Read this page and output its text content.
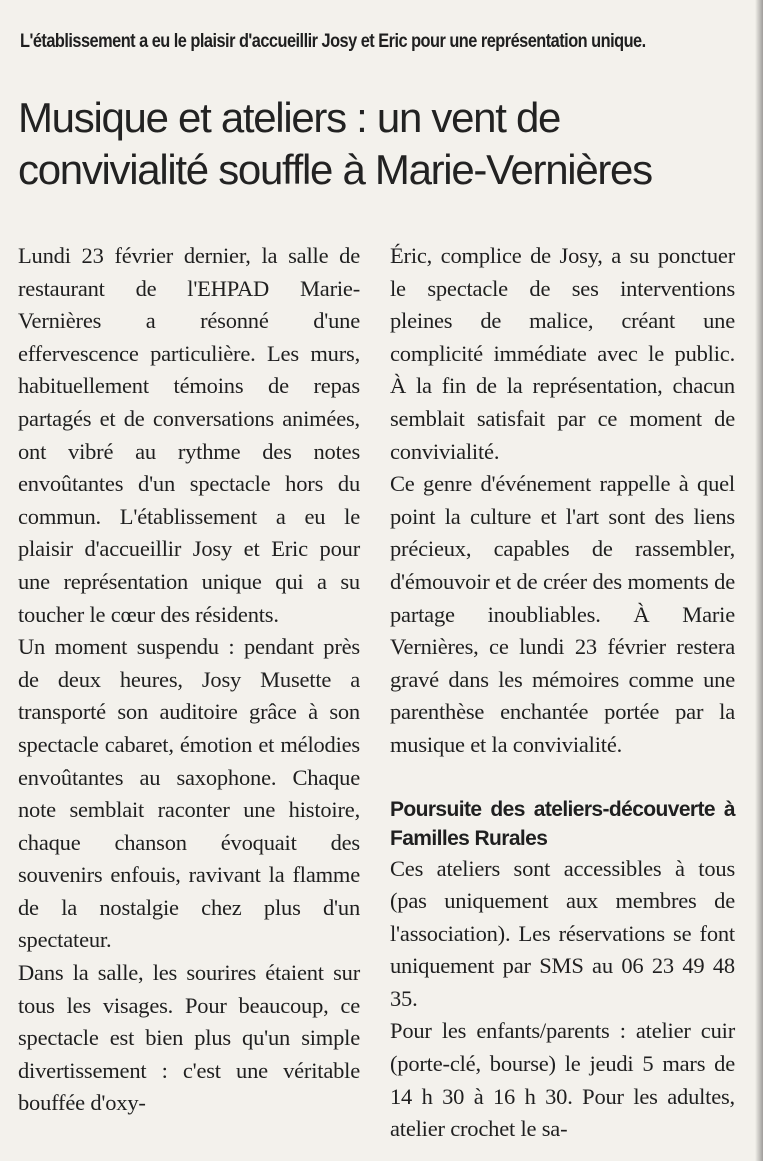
L'établissement a eu le plaisir d'accueillir Josy et Eric pour une représentation unique.
Musique et ateliers : un vent de convivialité souffle à Marie-Vernières

Lundi 23 février dernier, la salle de restaurant de l'EHPAD Marie-Vernières a résonné d'une effervescence particulière. Les murs, habituellement témoins de repas partagés et de conversations animées, ont vibré au rythme des notes envoûtantes d'un spectacle hors du commun. L'établissement a eu le plaisir d'accueillir Josy et Eric pour une représentation unique qui a su toucher le cœur des résidents.

Un moment suspendu : pendant près de deux heures, Josy Musette a transporté son auditoire grâce à son spectacle cabaret, émotion et mélodies envoûtantes au saxophone. Chaque note semblait raconter une histoire, chaque chanson évoquait des souvenirs enfouis, ravivant la flamme de la nostalgie chez plus d'un spectateur.

Dans la salle, les sourires étaient sur tous les visages. Pour beaucoup, ce spectacle est bien plus qu'un simple divertissement : c'est une véritable bouffée d'oxy-

Éric, complice de Josy, a su ponctuer le spectacle de ses interventions pleines de malice, créant une complicité immédiate avec le public. À la fin de la représentation, chacun semblait satisfait par ce moment de convivialité.

Ce genre d'événement rappelle à quel point la culture et l'art sont des liens précieux, capables de rassembler, d'émouvoir et de créer des moments de partage inoubliables. À Marie Vernières, ce lundi 23 février restera gravé dans les mémoires comme une parenthèse enchantée portée par la musique et la convivialité.

Poursuite des ateliers-découverte à Familles Rurales

Ces ateliers sont accessibles à tous (pas uniquement aux membres de l'association). Les réservations se font uniquement par SMS au 06 23 49 48 35.

Pour les enfants/parents : atelier cuir (porte-clé, bourse) le jeudi 5 mars de 14 h 30 à 16 h 30. Pour les adultes, atelier crochet le sa-
